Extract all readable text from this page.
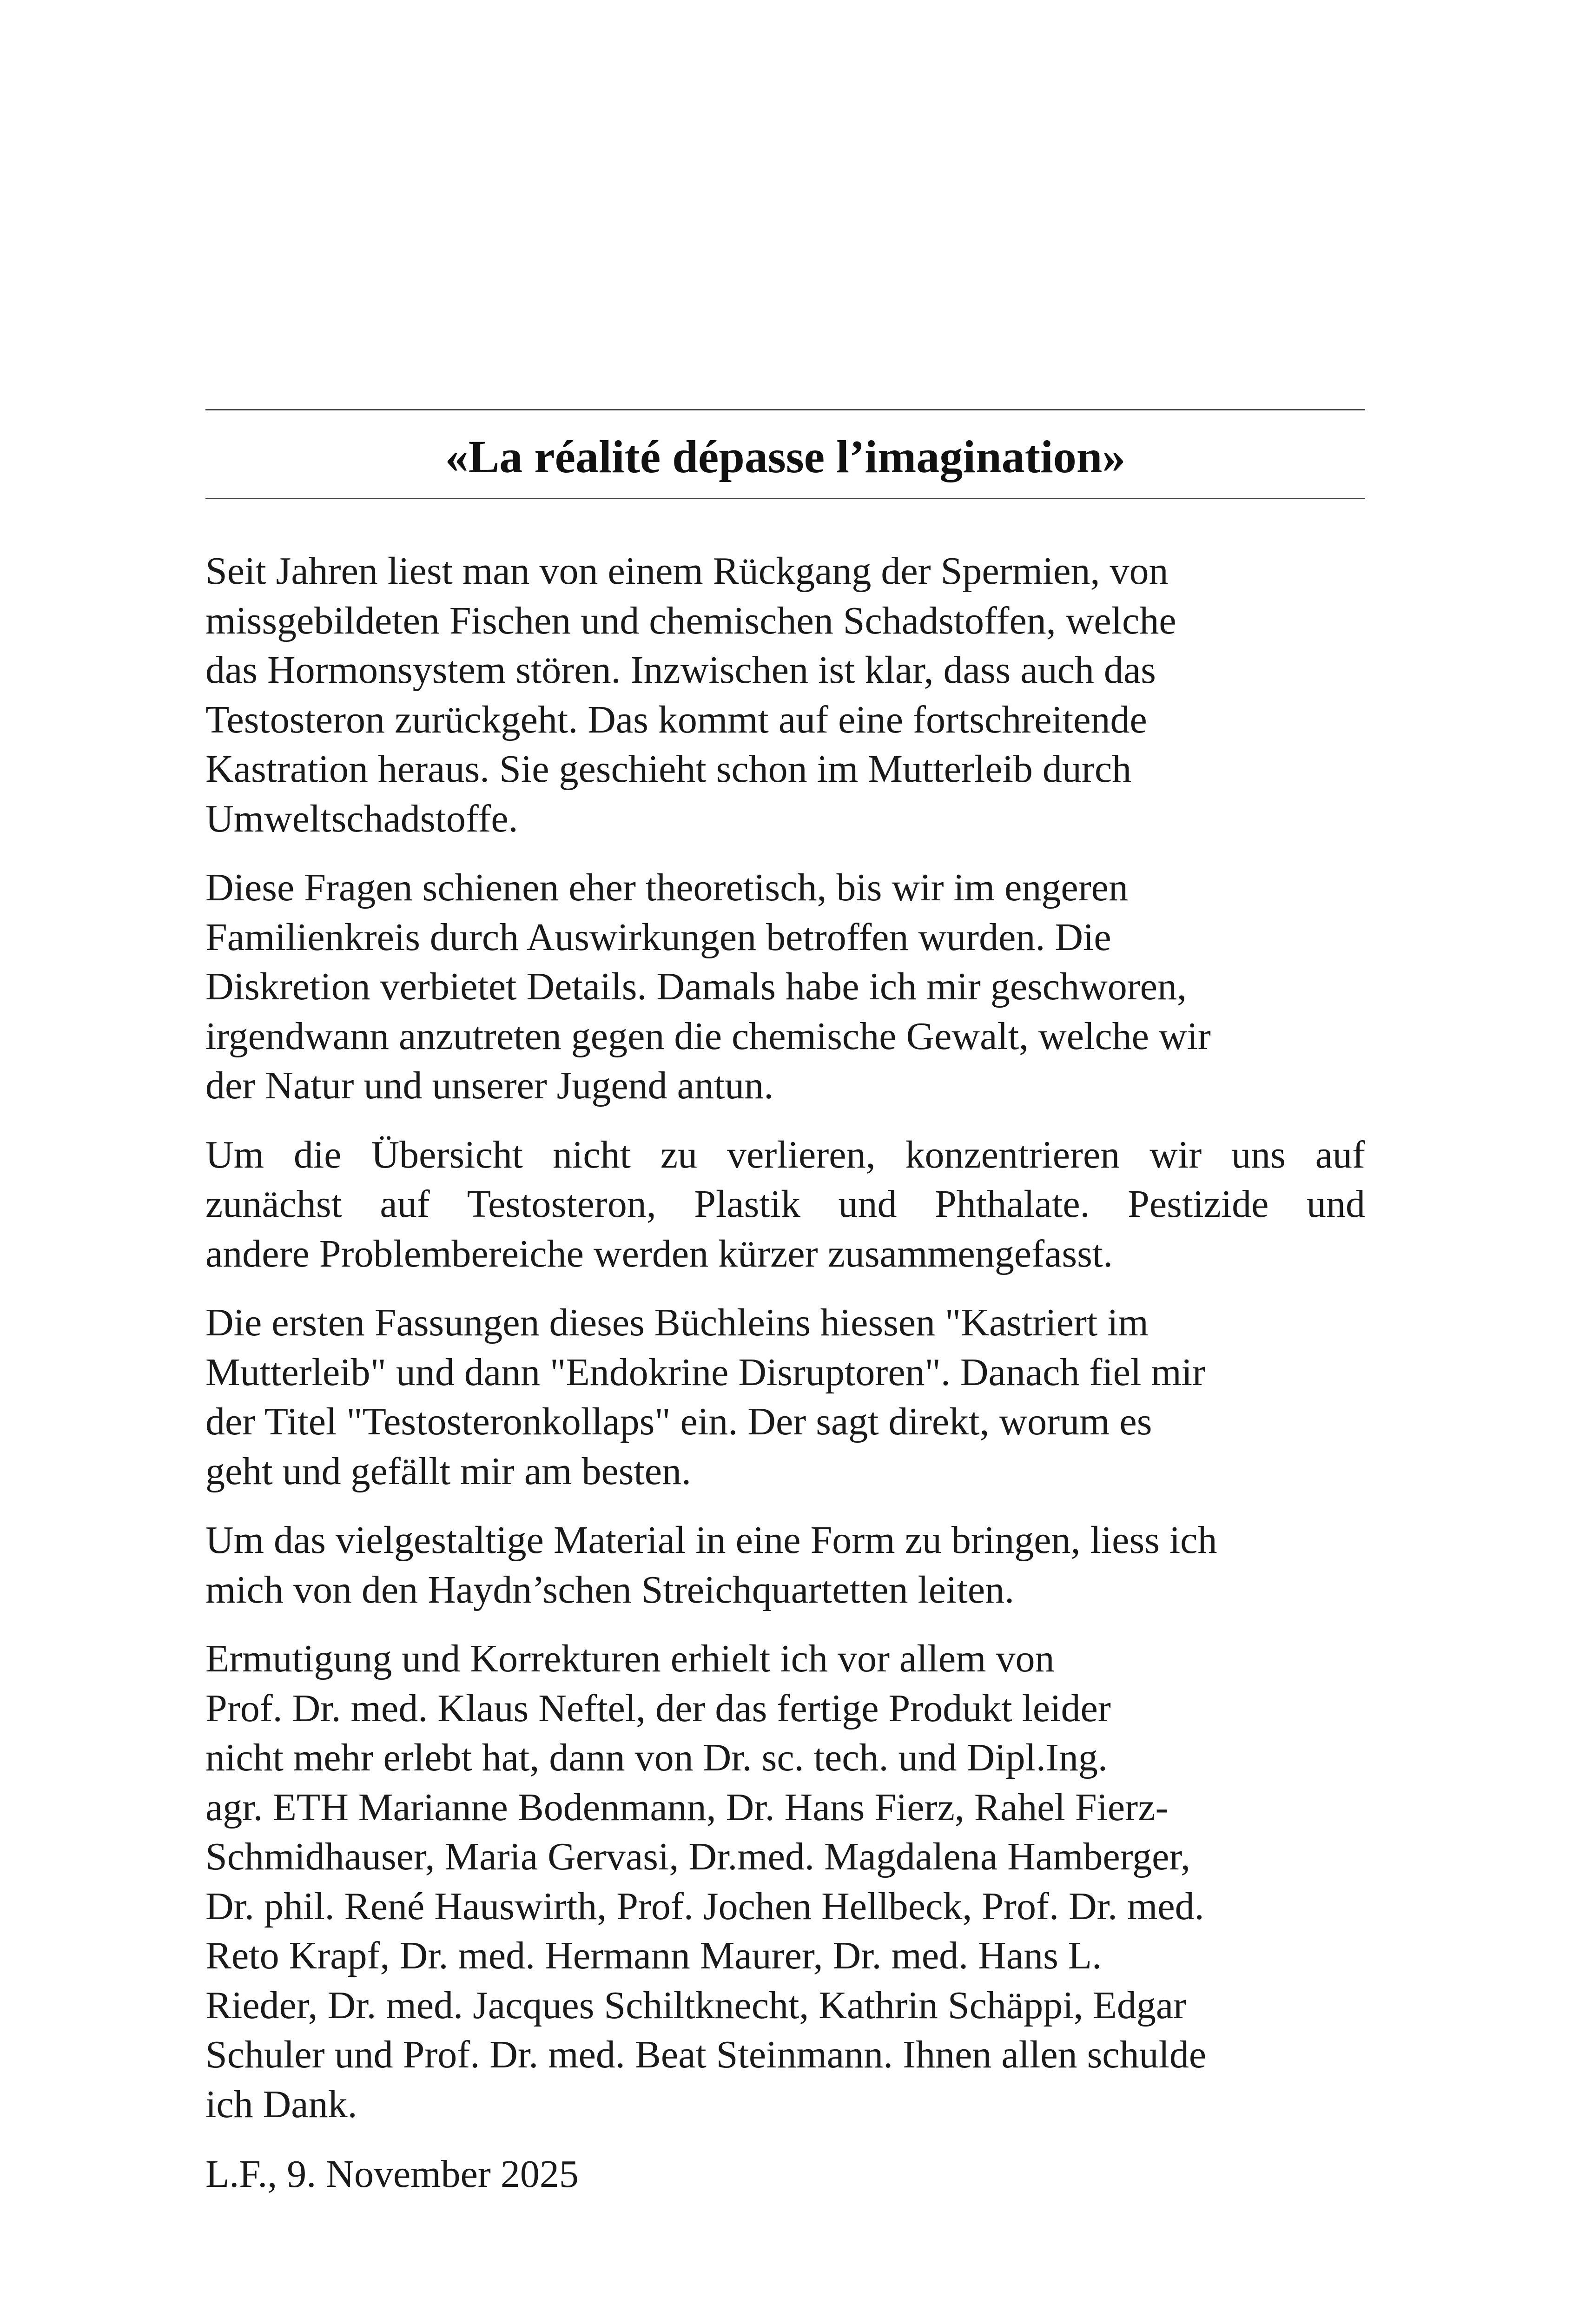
«La réalité dépasse l’imagination»
Seit Jahren liest man von einem Rückgang der Spermien, von
missgebildeten Fischen und chemischen Schadstoffen, welche
das Hormonsystem stören. Inzwischen ist klar, dass auch das
Testosteron zurückgeht. Das kommt auf eine fortschreitende
Kastration heraus. Sie geschieht schon im Mutterleib durch
Umweltschadstoffe.
Diese Fragen schienen eher theoretisch, bis wir im engeren
Familienkreis durch Auswirkungen betroffen wurden. Die
Diskretion verbietet Details. Damals habe ich mir geschworen,
irgendwann anzutreten gegen die chemische Gewalt, welche wir
der Natur und unserer Jugend antun.
Um die Übersicht nicht zu verlieren, konzentrieren wir uns auf
zunächst auf Testosteron, Plastik und Phthalate. Pestizide und
andere Problembereiche werden kürzer zusammengefasst.
Die ersten Fassungen dieses Büchleins hiessen "Kastriert im
Mutterleib" und dann "Endokrine Disruptoren". Danach fiel mir
der Titel "Testosteronkollaps" ein. Der sagt direkt, worum es
geht und gefällt mir am besten.
Um das vielgestaltige Material in eine Form zu bringen, liess ich
mich von den Haydn’schen Streichquartetten leiten.
Ermutigung und Korrekturen erhielt ich vor allem von
Prof. Dr. med. Klaus Neftel, der das fertige Produkt leider
nicht mehr erlebt hat, dann von Dr. sc. tech. und Dipl.Ing.
agr. ETH Marianne Bodenmann, Dr. Hans Fierz, Rahel Fierz-
Schmidhauser, Maria Gervasi, Dr.med. Magdalena Hamberger,
Dr. phil. René Hauswirth, Prof. Jochen Hellbeck, Prof. Dr. med.
Reto Krapf, Dr. med. Hermann Maurer, Dr. med. Hans L.
Rieder, Dr. med. Jacques Schiltknecht, Kathrin Schäppi, Edgar
Schuler und Prof. Dr. med. Beat Steinmann. Ihnen allen schulde
ich Dank.
L.F., 9. November 2025
